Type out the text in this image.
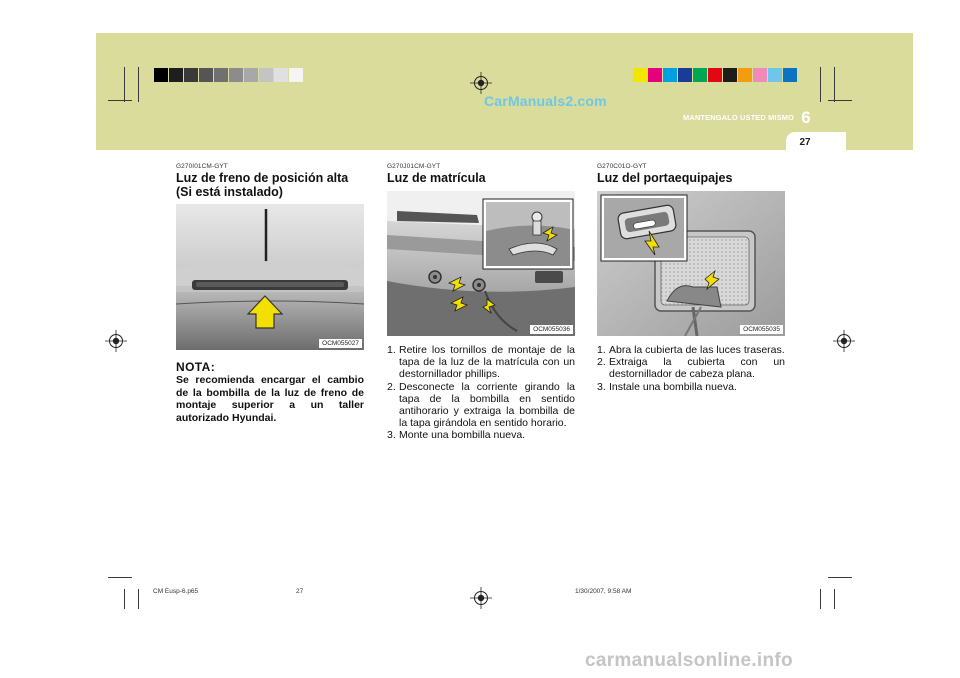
CarManuals2.com
MANTENGALO USTED MISMO 6
27
G270I01CM-GYT
Luz de freno de posición alta (Si está instalado)
OCM055027
NOTA:
Se recomienda encargar el cambio de la bombilla de la luz de freno de montaje superior a un taller autorizado Hyundai.
G270J01CM-GYT
Luz de matrícula
OCM055036
1. Retire los tornillos de montaje de la tapa de la luz de la matrícula con un destornillador phillips.
2. Desconecte la corriente girando la tapa de la bombilla en sentido antihorario y extraiga la bombilla de la tapa girándola en sentido horario.
3. Monte una bombilla nueva.
G270C01O-GYT
Luz del portaequipajes
OCM055035
1. Abra la cubierta de las luces traseras.
2. Extraiga la cubierta con un destornillador de cabeza plana.
3. Instale una bombilla nueva.
CM Eusp-6.p65	27	1/30/2007, 9:58 AM
carmanualsonline.info
